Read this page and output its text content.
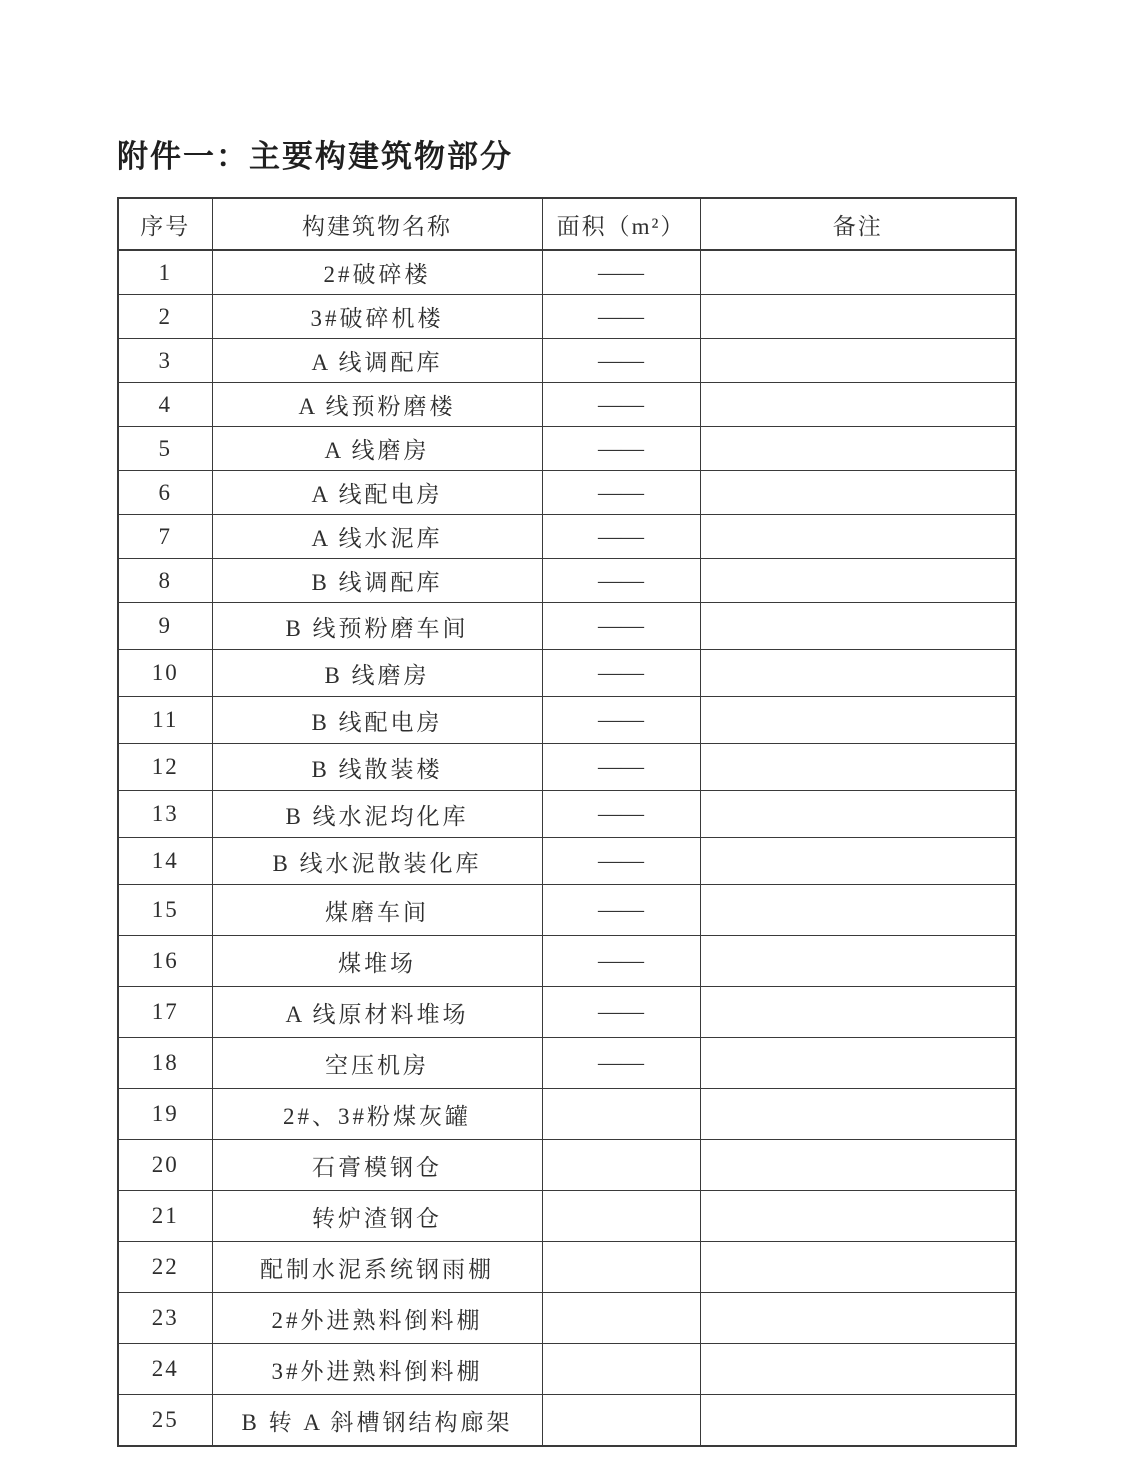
附件一：主要构建筑物部分
序号	构建筑物名称	面积（m²）	备注
1	2#破碎楼	——	
2	3#破碎机楼	——	
3	A 线调配库	——	
4	A 线预粉磨楼	——	
5	A 线磨房	——	
6	A 线配电房	——	
7	A 线水泥库	——	
8	B 线调配库	——	
9	B 线预粉磨车间	——	
10	B 线磨房	——	
11	B 线配电房	——	
12	B 线散装楼	——	
13	B 线水泥均化库	——	
14	B 线水泥散装化库	——	
15	煤磨车间	——	
16	煤堆场	——	
17	A 线原材料堆场	——	
18	空压机房	——	
19	2#、3#粉煤灰罐		
20	石膏模钢仓		
21	转炉渣钢仓		
22	配制水泥系统钢雨棚		
23	2#外进熟料倒料棚		
24	3#外进熟料倒料棚		
25	B 转 A 斜槽钢结构廊架		
